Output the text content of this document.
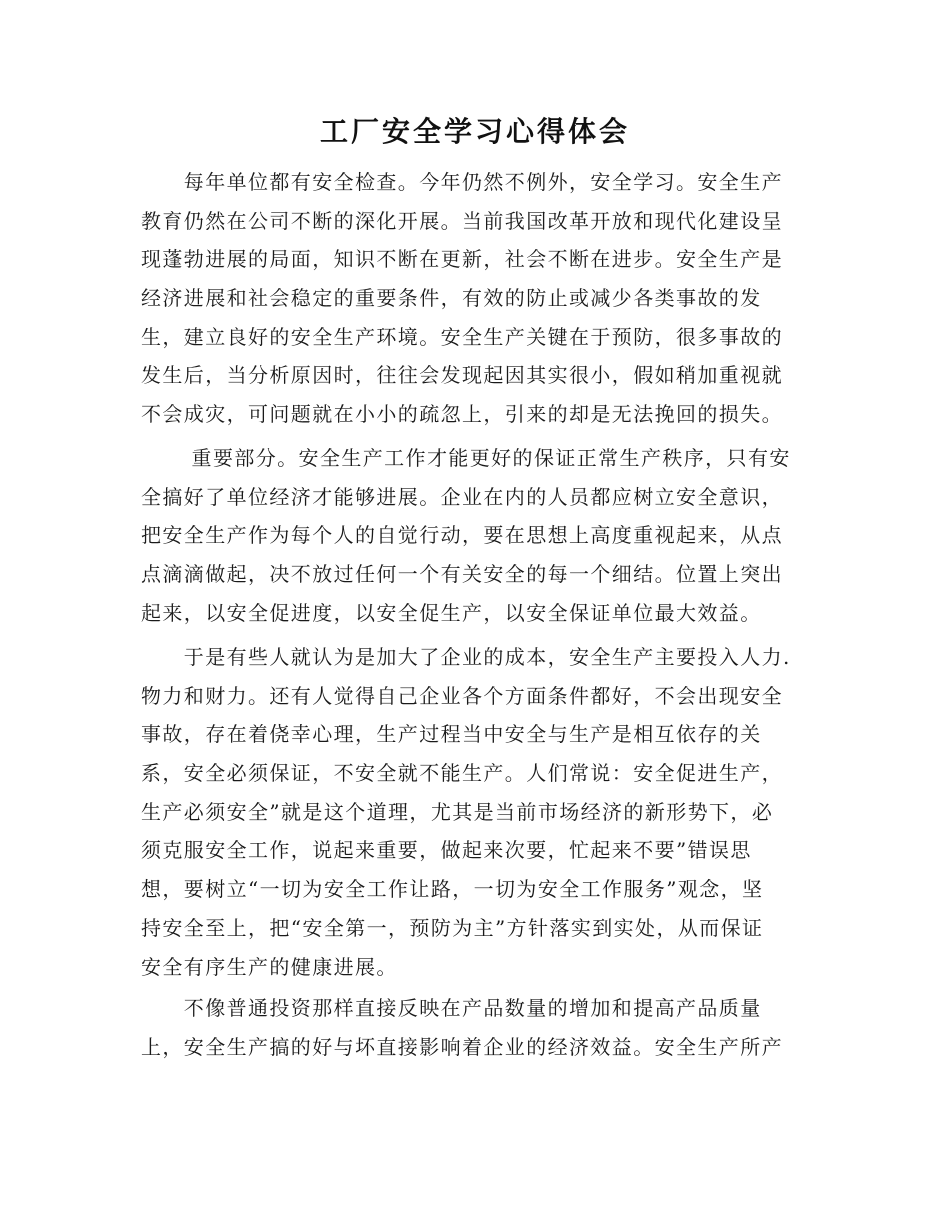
工厂安全学习心得体会
　　每年单位都有安全检查。今年仍然不例外，安全学习。安全生产
教育仍然在公司不断的深化开展。当前我国改革开放和现代化建设呈
现蓬勃进展的局面，知识不断在更新，社会不断在进步。安全生产是
经济进展和社会稳定的重要条件，有效的防止或减少各类事故的发
生，建立良好的安全生产环境。安全生产关键在于预防，很多事故的
发生后，当分析原因时，往往会发现起因其实很小，假如稍加重视就
不会成灾，可问题就在小小的疏忽上，引来的却是无法挽回的损失。
　　 重要部分。安全生产工作才能更好的保证正常生产秩序，只有安
全搞好了单位经济才能够进展。企业在内的人员都应树立安全意识，
把安全生产作为每个人的自觉行动，要在思想上高度重视起来，从点
点滴滴做起，决不放过任何一个有关安全的每一个细结。位置上突出
起来，以安全促进度，以安全促生产，以安全保证单位最大效益。
　　于是有些人就认为是加大了企业的成本，安全生产主要投入人力.
物力和财力。还有人觉得自己企业各个方面条件都好，不会出现安全
事故，存在着侥幸心理，生产过程当中安全与生产是相互依存的关
系，安全必须保证，不安全就不能生产。人们常说：安全促进生产，
生产必须安全”就是这个道理，尤其是当前市场经济的新形势下，必
须克服安全工作，说起来重要，做起来次要，忙起来不要”错误思
想，要树立“一切为安全工作让路，一切为安全工作服务”观念，坚
持安全至上，把“安全第一，预防为主”方针落实到实处，从而保证
安全有序生产的健康进展。
　　不像普通投资那样直接反映在产品数量的增加和提高产品质量
上，安全生产搞的好与坏直接影响着企业的经济效益。安全生产所产
